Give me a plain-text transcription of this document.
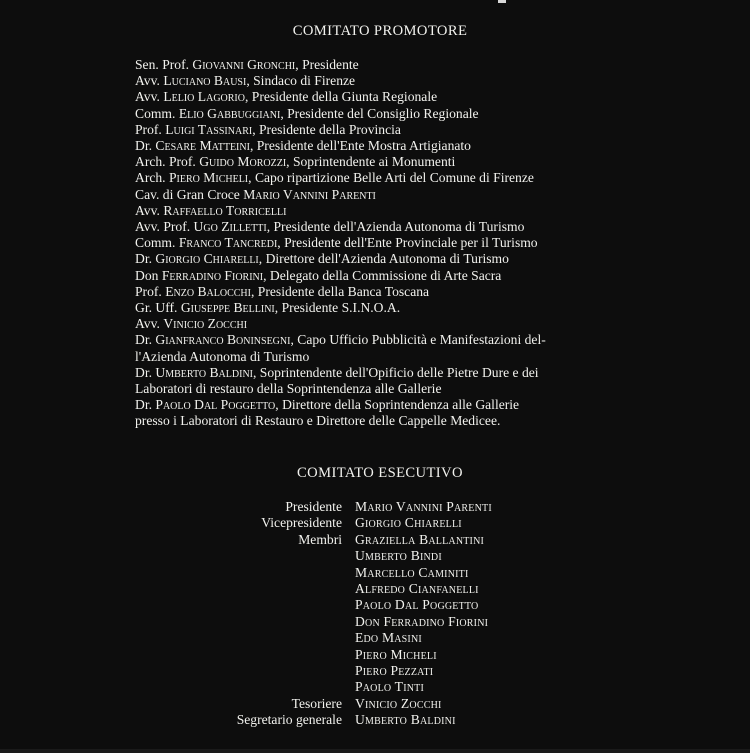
COMITATO PROMOTORE
Sen. Prof. Giovanni Gronchi, Presidente
Avv. Luciano Bausi, Sindaco di Firenze
Avv. Lelio Lagorio, Presidente della Giunta Regionale
Comm. Elio Gabbuggiani, Presidente del Consiglio Regionale
Prof. Luigi Tassinari, Presidente della Provincia
Dr. Cesare Matteini, Presidente dell'Ente Mostra Artigianato
Arch. Prof. Guido Morozzi, Soprintendente ai Monumenti
Arch. Piero Micheli, Capo ripartizione Belle Arti del Comune di Firenze
Cav. di Gran Croce Mario Vannini Parenti
Avv. Raffaello Torricelli
Avv. Prof. Ugo Zilletti, Presidente dell'Azienda Autonoma di Turismo
Comm. Franco Tancredi, Presidente dell'Ente Provinciale per il Turismo
Dr. Giorgio Chiarelli, Direttore dell'Azienda Autonoma di Turismo
Don Ferradino Fiorini, Delegato della Commissione di Arte Sacra
Prof. Enzo Balocchi, Presidente della Banca Toscana
Gr. Uff. Giuseppe Bellini, Presidente S.I.N.O.A.
Avv. Vinicio Zocchi
Dr. Gianfranco Boninsegni, Capo Ufficio Pubblicità e Manifestazioni del-
l'Azienda Autonoma di Turismo
Dr. Umberto Baldini, Soprintendente dell'Opificio delle Pietre Dure e dei
Laboratori di restauro della Soprintendenza alle Gallerie
Dr. Paolo Dal Poggetto, Direttore della Soprintendenza alle Gallerie
presso i Laboratori di Restauro e Direttore delle Cappelle Medicee.
COMITATO ESECUTIVO
Presidente Mario Vannini Parenti
Vicepresidente Giorgio Chiarelli
Membri Graziella Ballantini
Umberto Bindi
Marcello Caminiti
Alfredo Cianfanelli
Paolo Dal Poggetto
Don Ferradino Fiorini
Edo Masini
Piero Micheli
Piero Pezzati
Paolo Tinti
Tesoriere Vinicio Zocchi
Segretario generale Umberto Baldini
